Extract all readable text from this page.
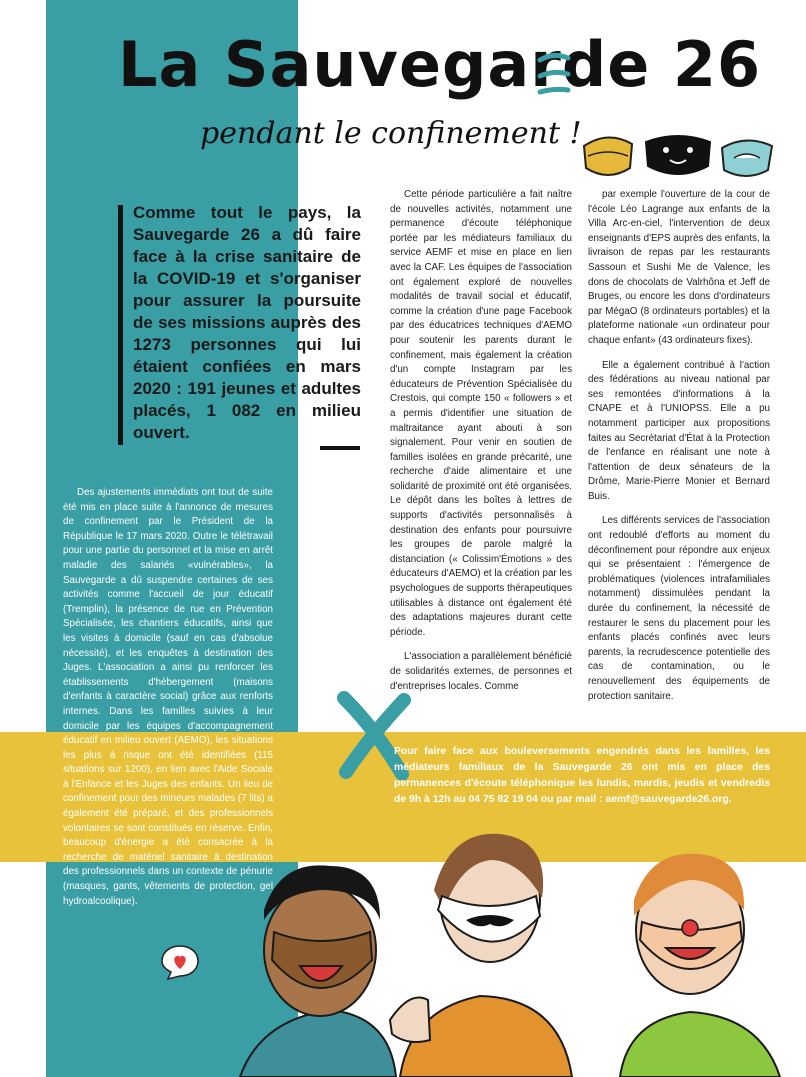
La Sauvegarde 26
pendant le confinement !
Comme tout le pays, la Sauvegarde 26 a dû faire face à la crise sanitaire de la COVID-19 et s'organiser pour assurer la poursuite de ses missions auprès des 1273 personnes qui lui étaient confiées en mars 2020 : 191 jeunes et adultes placés, 1 082 en milieu ouvert.

Des ajustements immédiats ont tout de suite été mis en place suite à l'annonce de mesures de confinement par le Président de la République le 17 mars 2020. Outre le télétravail pour une partie du personnel et la mise en arrêt maladie des salariés «vulnérables», la Sauvegarde a dû suspendre certaines de ses activités comme l'accueil de jour éducatif (Tremplin), la présence de rue en Prévention Spécialisée, les chantiers éducatifs, ainsi que les visites à domicile (sauf en cas d'absolue nécessité), et les enquêtes à destination des Juges. L'association a ainsi pu renforcer les établissements d'hébergement (maisons d'enfants à caractère social) grâce aux renforts internes. Dans les familles suivies à leur domicile par les équipes d'accompagnement éducatif en milieu ouvert (AEMO), les situations les plus à risque ont été identifiées (115 situations sur 1200), en lien avec l'Aide Sociale à l'Enfance et les Juges des enfants. Un lieu de confinement pour des mineurs malades (7 lits) a également été préparé, et des professionnels volontaires se sont constitués en réserve. Enfin, beaucoup d'énergie a été consacrée à la recherche de matériel sanitaire à destination des professionnels dans un contexte de pénurie (masques, gants, vêtements de protection, gel hydroalcoolique).

Cette période particulière a fait naître de nouvelles activités, notamment une permanence d'écoute téléphonique portée par les médiateurs familiaux du service AEMF et mise en place en lien avec la CAF. Les équipes de l'association ont également exploré de nouvelles modalités de travail social et éducatif, comme la création d'une page Facebook par des éducatrices techniques d'AEMO pour soutenir les parents durant le confinement, mais également la création d'un compte Instagram par les éducateurs de Prévention Spécialisée du Crestois, qui compte 150 « followers » et a permis d'identifier une situation de maltraitance ayant abouti à son signalement. Pour venir en soutien de familles isolées en grande précarité, une recherche d'aide alimentaire et une solidarité de proximité ont été organisées. Le dépôt dans les boîtes à lettres de supports d'activités personnalisés à destination des enfants pour poursuivre les groupes de parole malgré la distanciation (« Colissim'Émotions » des éducateurs d'AEMO) et la création par les psychologues de supports thérapeutiques utilisables à distance ont également été des adaptations majeures durant cette période.

L'association a parallèlement bénéficié de solidarités externes, de personnes et d'entreprises locales. Comme

par exemple l'ouverture de la cour de l'école Léo Lagrange aux enfants de la Villa Arc-en-ciel, l'intervention de deux enseignants d'EPS auprès des enfants, la livraison de repas par les restaurants Sassoun et Sushi Me de Valence, les dons de chocolats de Valrhôna et Jeff de Bruges, ou encore les dons d'ordinateurs par MégaO (8 ordinateurs portables) et la plateforme nationale «un ordinateur pour chaque enfant» (43 ordinateurs fixes).

Elle a également contribué à l'action des fédérations au niveau national par ses remontées d'informations à la CNAPE et à l'UNIOPSS. Elle a pu notamment participer aux propositions faites au Secrétariat d'État à la Protection de l'enfance en réalisant une note à l'attention de deux sénateurs de la Drôme, Marie-Pierre Monier et Bernard Buis.

Les différents services de l'association ont redoublé d'efforts au moment du déconfinement pour répondre aux enjeux qui se présentaient : l'émergence de problématiques (violences intrafamiliales notamment) dissimulées pendant la durée du confinement, la nécessité de restaurer le sens du placement pour les enfants placés confinés avec leurs parents, la recrudescence potentielle des cas de contamination, ou le renouvellement des équipements de protection sanitaire.

Pour faire face aux bouleversements engendrés dans les familles, les médiateurs familiaux de la Sauvegarde 26 ont mis en place des permanences d'écoute téléphonique les lundis, mardis, jeudis et vendredis de 9h à 12h au 04 75 82 19 04 ou par mail : aemf@sauvegarde26.org.
